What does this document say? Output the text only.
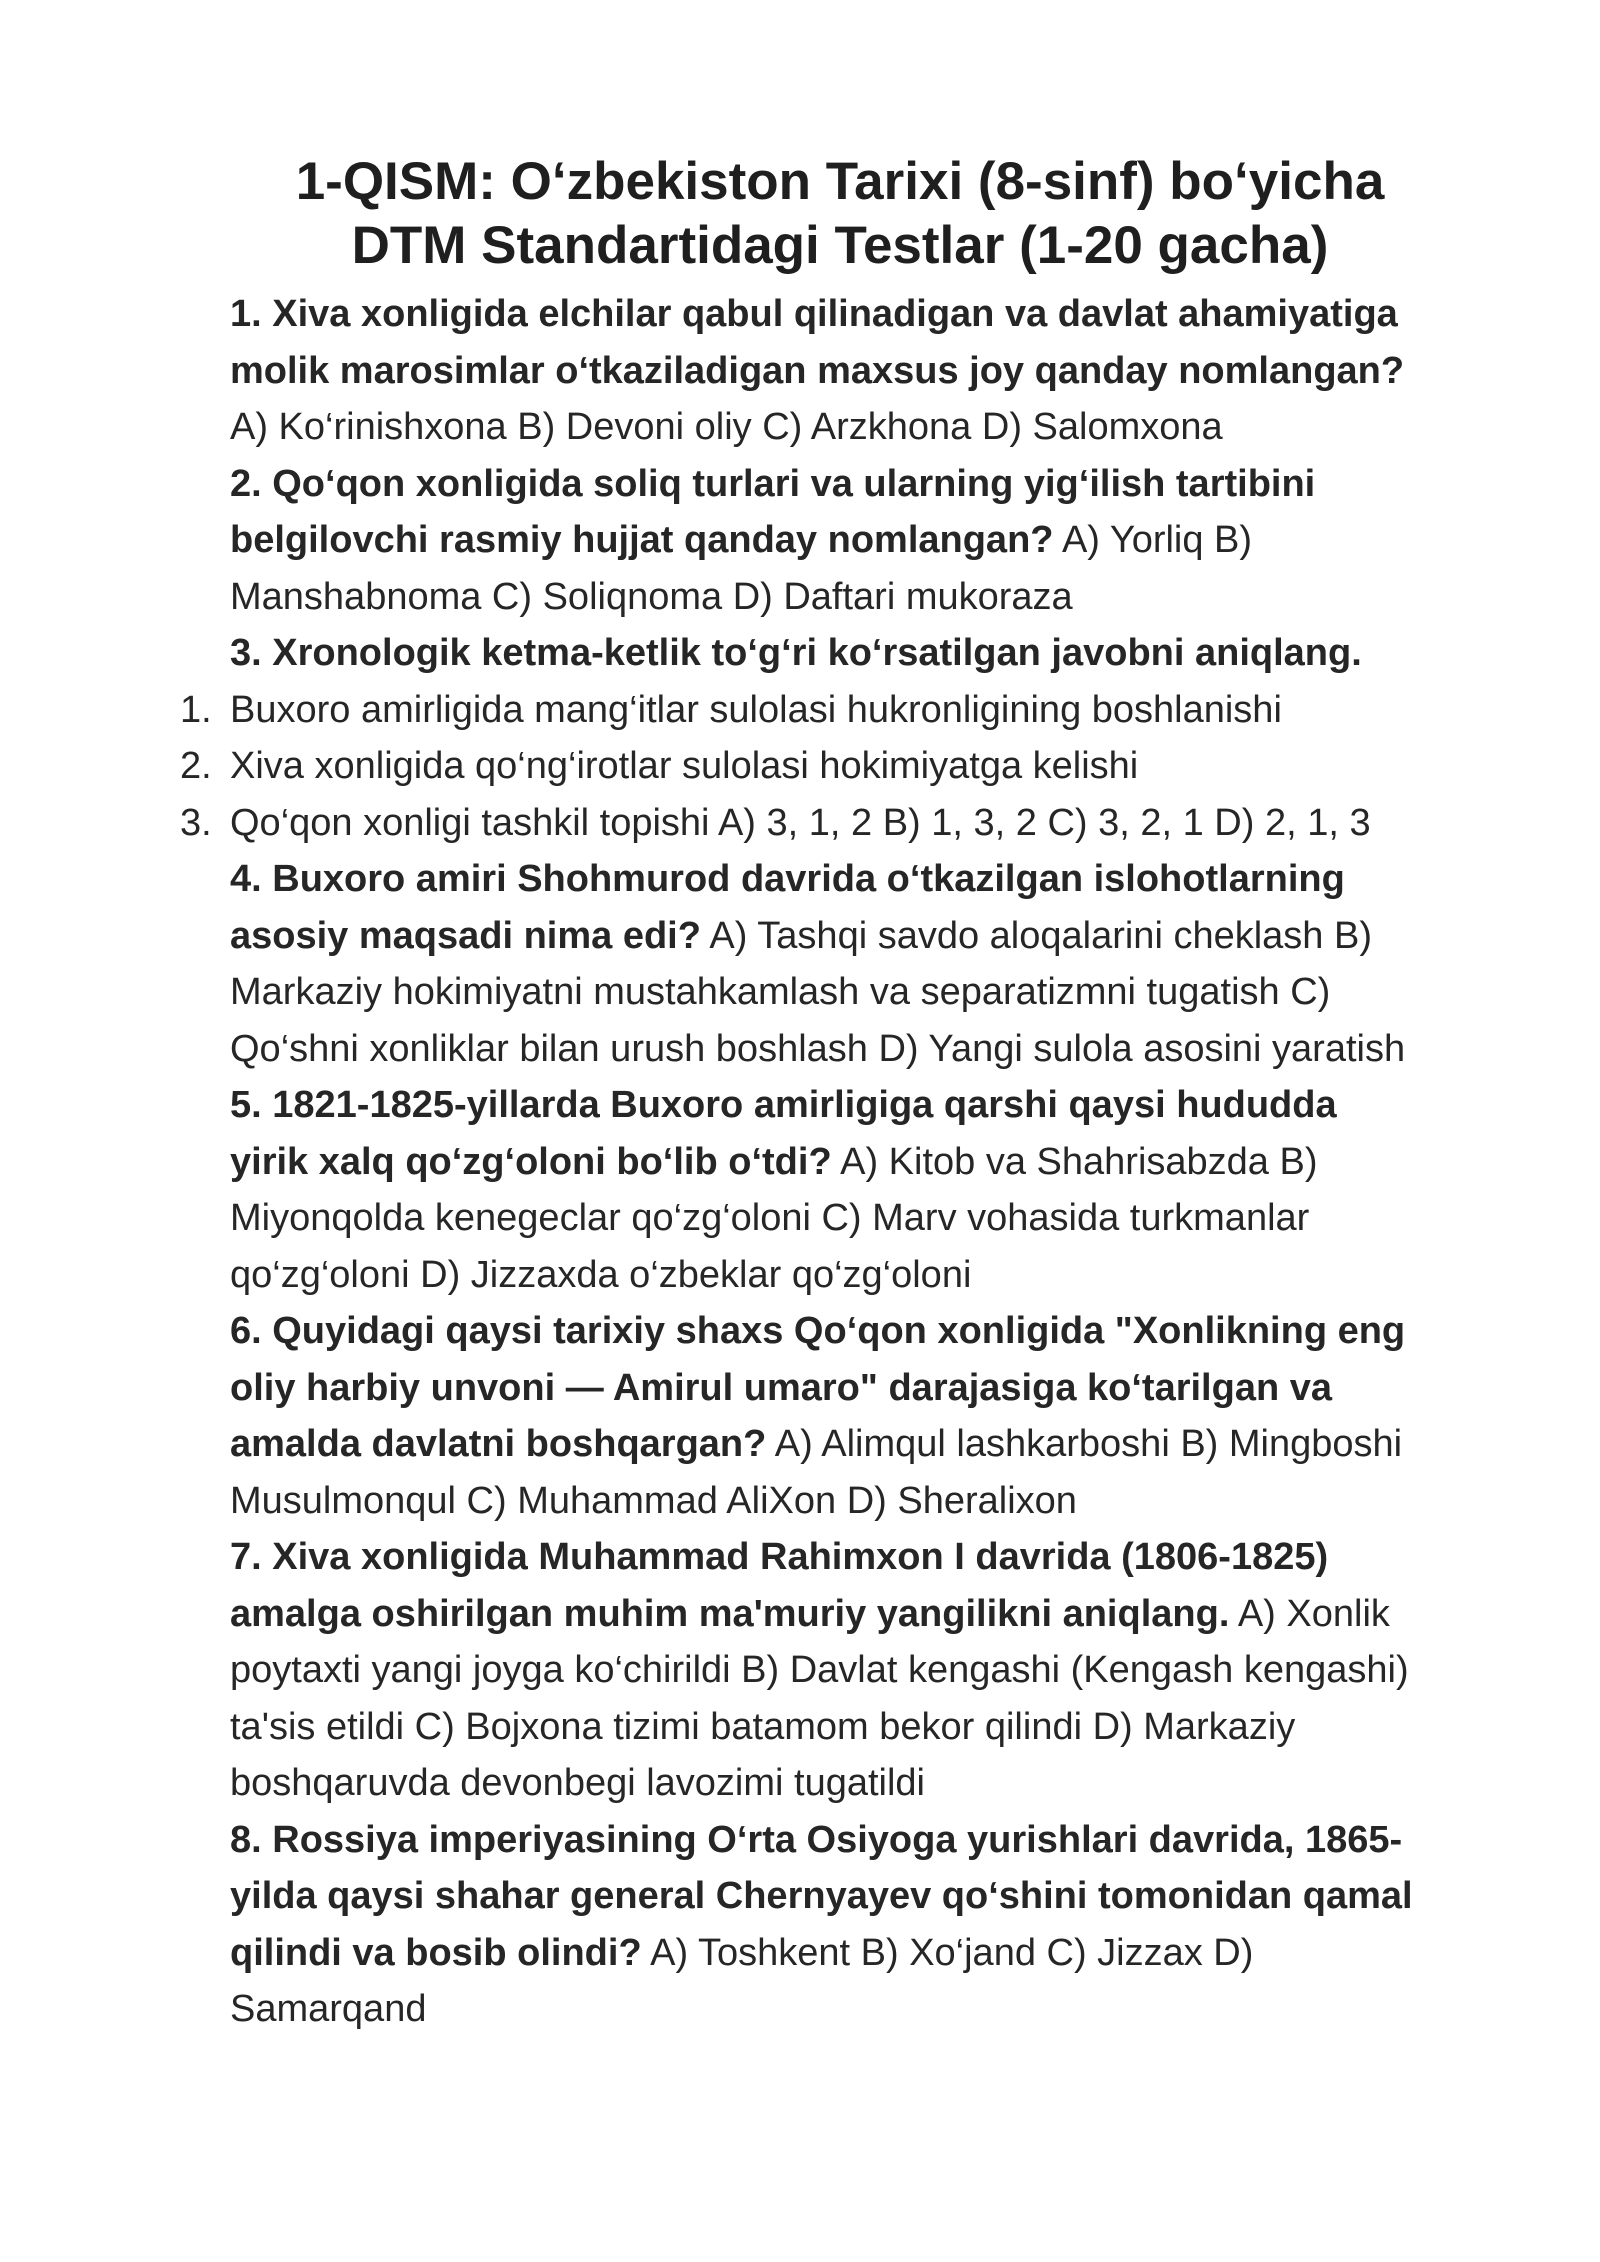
1-QISM: O‘zbekiston Tarixi (8-sinf) bo‘yicha
DTM Standartidagi Testlar (1-20 gacha)
1. Xiva xonligida elchilar qabul qilinadigan va davlat ahamiyatiga
molik marosimlar o‘tkaziladigan maxsus joy qanday nomlangan?
A) Ko‘rinishxona B) Devoni oliy C) Arzkhona D) Salomxona
2. Qo‘qon xonligida soliq turlari va ularning yig‘ilish tartibini
belgilovchi rasmiy hujjat qanday nomlangan? A) Yorliq B)
Manshabnoma C) Soliqnoma D) Daftari mukoraza
3. Xronologik ketma-ketlik to‘g‘ri ko‘rsatilgan javobni aniqlang.
1. Buxoro amirligida mang‘itlar sulolasi hukronligining boshlanishi
2. Xiva xonligida qo‘ng‘irotlar sulolasi hokimiyatga kelishi
3. Qo‘qon xonligi tashkil topishi A) 3, 1, 2 B) 1, 3, 2 C) 3, 2, 1 D) 2, 1, 3
4. Buxoro amiri Shohmurod davrida o‘tkazilgan islohotlarning
asosiy maqsadi nima edi? A) Tashqi savdo aloqalarini cheklash B)
Markaziy hokimiyatni mustahkamlash va separatizmni tugatish C)
Qo‘shni xonliklar bilan urush boshlash D) Yangi sulola asosini yaratish
5. 1821-1825-yillarda Buxoro amirligiga qarshi qaysi hududda
yirik xalq qo‘zg‘oloni bo‘lib o‘tdi? A) Kitob va Shahrisabzda B)
Miyonqolda kenegeclar qo‘zg‘oloni C) Marv vohasida turkmanlar
qo‘zg‘oloni D) Jizzaxda o‘zbeklar qo‘zg‘oloni
6. Quyidagi qaysi tarixiy shaxs Qo‘qon xonligida "Xonlikning eng
oliy harbiy unvoni — Amirul umaro" darajasiga ko‘tarilgan va
amalda davlatni boshqargan? A) Alimqul lashkarboshi B) Mingboshi
Musulmonqul C) Muhammad AliXon D) Sheralixon
7. Xiva xonligida Muhammad Rahimxon I davrida (1806-1825)
amalga oshirilgan muhim ma'muriy yangilikni aniqlang. A) Xonlik
poytaxti yangi joyga ko‘chirildi B) Davlat kengashi (Kengash kengashi)
ta'sis etildi C) Bojxona tizimi batamom bekor qilindi D) Markaziy
boshqaruvda devonbegi lavozimi tugatildi
8. Rossiya imperiyasining O‘rta Osiyoga yurishlari davrida, 1865-
yilda qaysi shahar general Chernyayev qo‘shini tomonidan qamal
qilindi va bosib olindi? A) Toshkent B) Xo‘jand C) Jizzax D)
Samarqand
